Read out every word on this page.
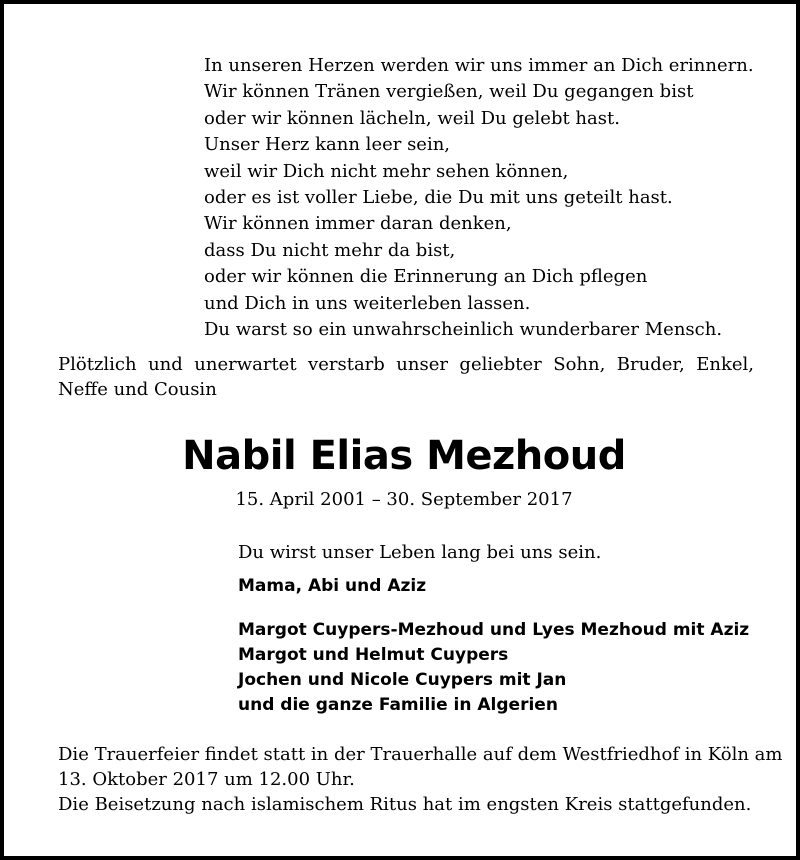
In unseren Herzen werden wir uns immer an Dich erinnern.
Wir können Tränen vergießen, weil Du gegangen bist
oder wir können lächeln, weil Du gelebt hast.
Unser Herz kann leer sein,
weil wir Dich nicht mehr sehen können,
oder es ist voller Liebe, die Du mit uns geteilt hast.
Wir können immer daran denken,
dass Du nicht mehr da bist,
oder wir können die Erinnerung an Dich pflegen
und Dich in uns weiterleben lassen.
Du warst so ein unwahrscheinlich wunderbarer Mensch.
Plötzlich und unerwartet verstarb unser geliebter Sohn, Bruder, Enkel, Neffe und Cousin
Nabil Elias Mezhoud
15. April 2001 – 30. September 2017
Du wirst unser Leben lang bei uns sein.
Mama, Abi und Aziz
Margot Cuypers-Mezhoud und Lyes Mezhoud mit Aziz
Margot und Helmut Cuypers
Jochen und Nicole Cuypers mit Jan
und die ganze Familie in Algerien
Die Trauerfeier findet statt in der Trauerhalle auf dem Westfriedhof in Köln am
13. Oktober 2017 um 12.00 Uhr.
Die Beisetzung nach islamischem Ritus hat im engsten Kreis stattgefunden.
